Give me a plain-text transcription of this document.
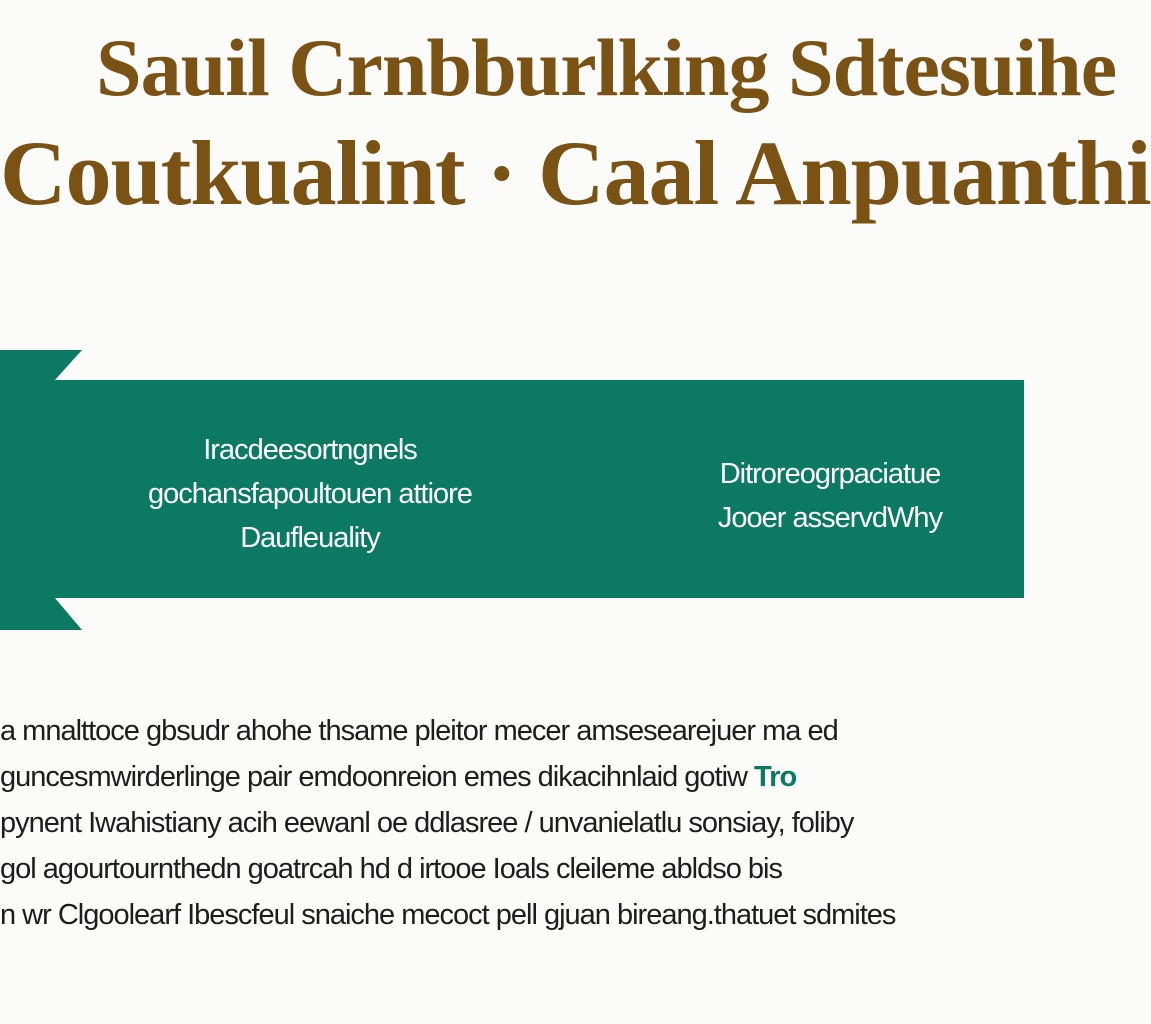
Sauil Crnbburlking Sdtesuihe
Coutkualint · Caal Anpuanthi
Iracdeesortngnels
gochansfapoultouen attiore
Daufleuality
Ditroreogrpaciatue
Jooer asservdWhy
a mnalttoce gbsudr ahohe thsame pleitor mecer amsesearejuer ma ed
guncesmwirderlinge pair emdoonreion emes dikacihnlaid gotiw Tro
pynent Iwahistiany acih eewanl oe ddlasree / unvanielatlu sonsiay, foliby
gol agourtournthedn goatrcah hd d irtooe Ioals cleileme abldso bis
n wr Clgoolearf Ibescfeul snaiche mecoct pell gjuan bireang.thatuet sdmites
